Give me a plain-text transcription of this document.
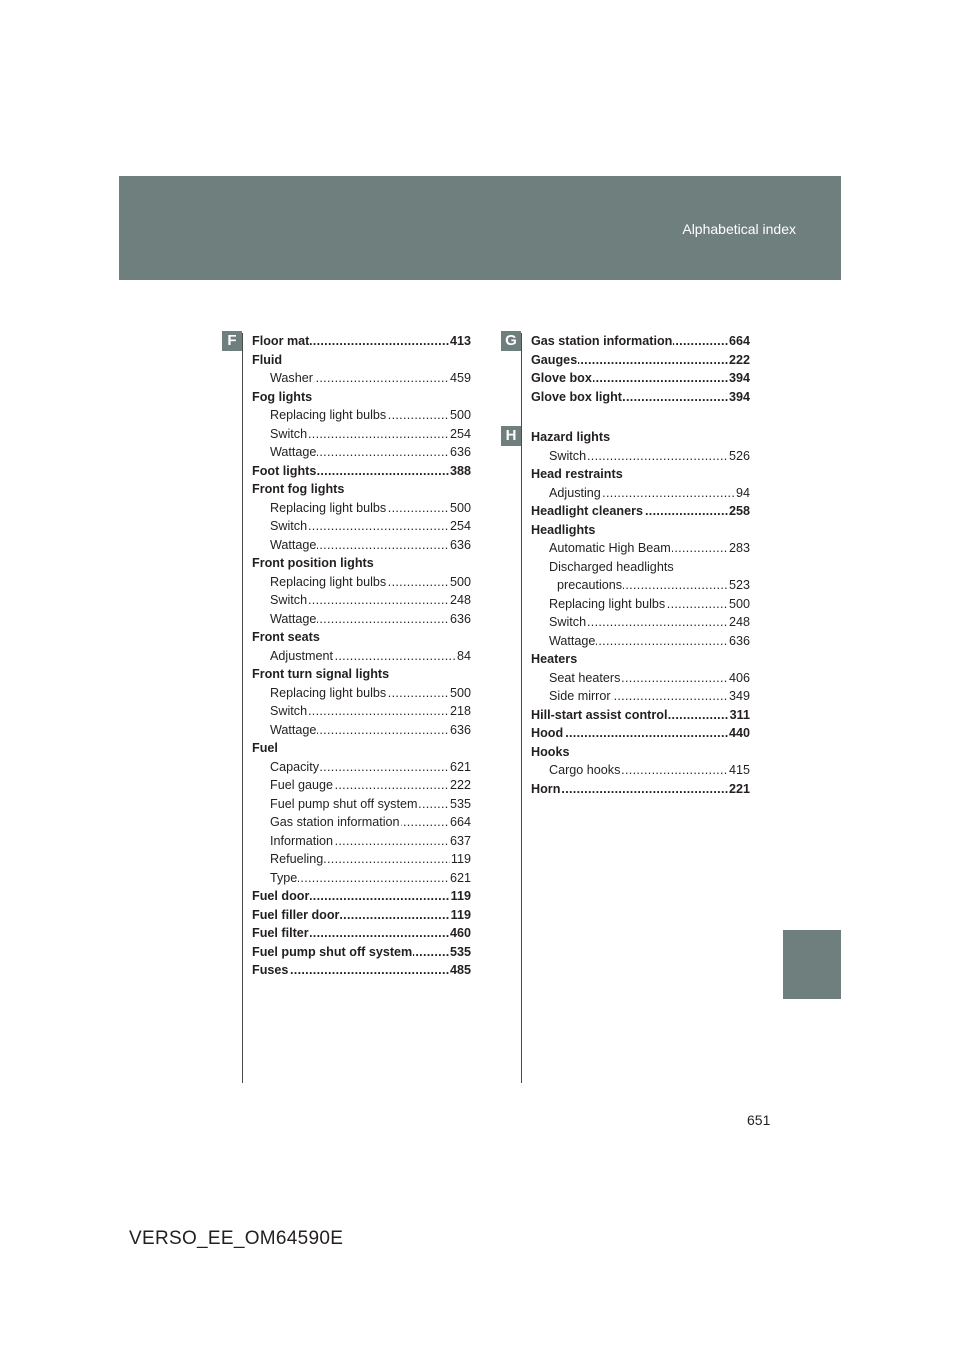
Alphabetical index
F	G
H
.....
Floor mat	413
Fluid
.....
Washer	459
Fog lights
.....
Replacing light bulbs	500
.....
Switch	254
.....
Wattage	636
.....
Foot lights	388
Front fog lights
.....
Replacing light bulbs	500
.....
Switch	254
.....
Wattage	636
Front position lights
.....
Replacing light bulbs	500
.....
Switch	248
.....
Wattage	636
Front seats
.....
Adjustment	84
Front turn signal lights
.....
Replacing light bulbs	500
.....
Switch	218
.....
Wattage	636
Fuel
.....
Capacity	621
.....
Fuel gauge	222
.....
Fuel pump shut off system	535
.....
Gas station information	664
.....
Information	637
.....
Refueling	119
.....
Type	621
.....
Fuel door	119
.....
Fuel filler door	119
.....
Fuel filter	460
.....
Fuel pump shut off system	535
.....
Fuses	485
.....
Gas station information	664
.....
Gauges	222
.....
Glove box	394
.....
Glove box light	394
Hazard lights
.....
Switch	526
Head restraints
.....
Adjusting	94
.....
Headlight cleaners	258
Headlights
.....
Automatic High Beam	283
Discharged headlights
.....
precautions	523
.....
Replacing light bulbs	500
.....
Switch	248
.....
Wattage	636
Heaters
.....
Seat heaters	406
.....
Side mirror	349
.....
Hill-start assist control	311
.....
Hood	440
Hooks
.....
Cargo hooks	415
.....
Horn	221
651
VERSO_EE_OM64590E
